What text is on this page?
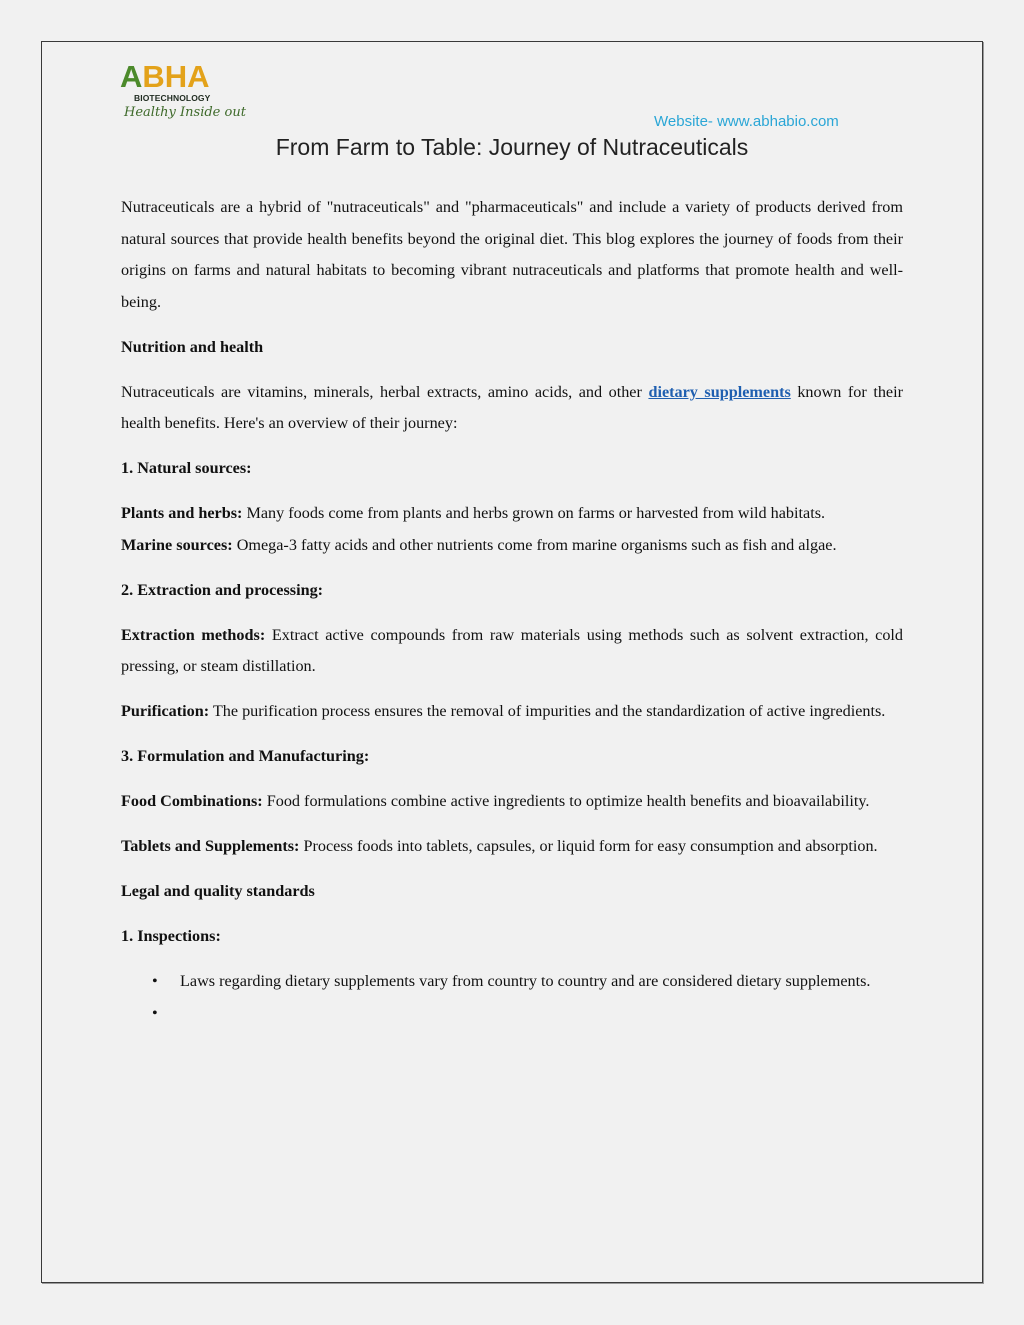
ABHA
BIOTECHNOLOGY
Healthy Inside out
Website- www.abhabio.com
From Farm to Table: Journey of Nutraceuticals

Nutraceuticals are a hybrid of "nutraceuticals" and "pharmaceuticals" and include a variety of products derived from natural sources that provide health benefits beyond the original diet. This blog explores the journey of foods from their origins on farms and natural habitats to becoming vibrant nutraceuticals and platforms that promote health and well-being.

Nutrition and health

Nutraceuticals are vitamins, minerals, herbal extracts, amino acids, and other dietary supplements known for their health benefits. Here's an overview of their journey:

1. Natural sources:

Plants and herbs: Many foods come from plants and herbs grown on farms or harvested from wild habitats.
Marine sources: Omega-3 fatty acids and other nutrients come from marine organisms such as fish and algae.

2. Extraction and processing:

Extraction methods: Extract active compounds from raw materials using methods such as solvent extraction, cold pressing, or steam distillation.

Purification: The purification process ensures the removal of impurities and the standardization of active ingredients.

3. Formulation and Manufacturing:

Food Combinations: Food formulations combine active ingredients to optimize health benefits and bioavailability.

Tablets and Supplements: Process foods into tablets, capsules, or liquid form for easy consumption and absorption.

Legal and quality standards

1. Inspections:

• Laws regarding dietary supplements vary from country to country and are considered dietary supplements.
•
